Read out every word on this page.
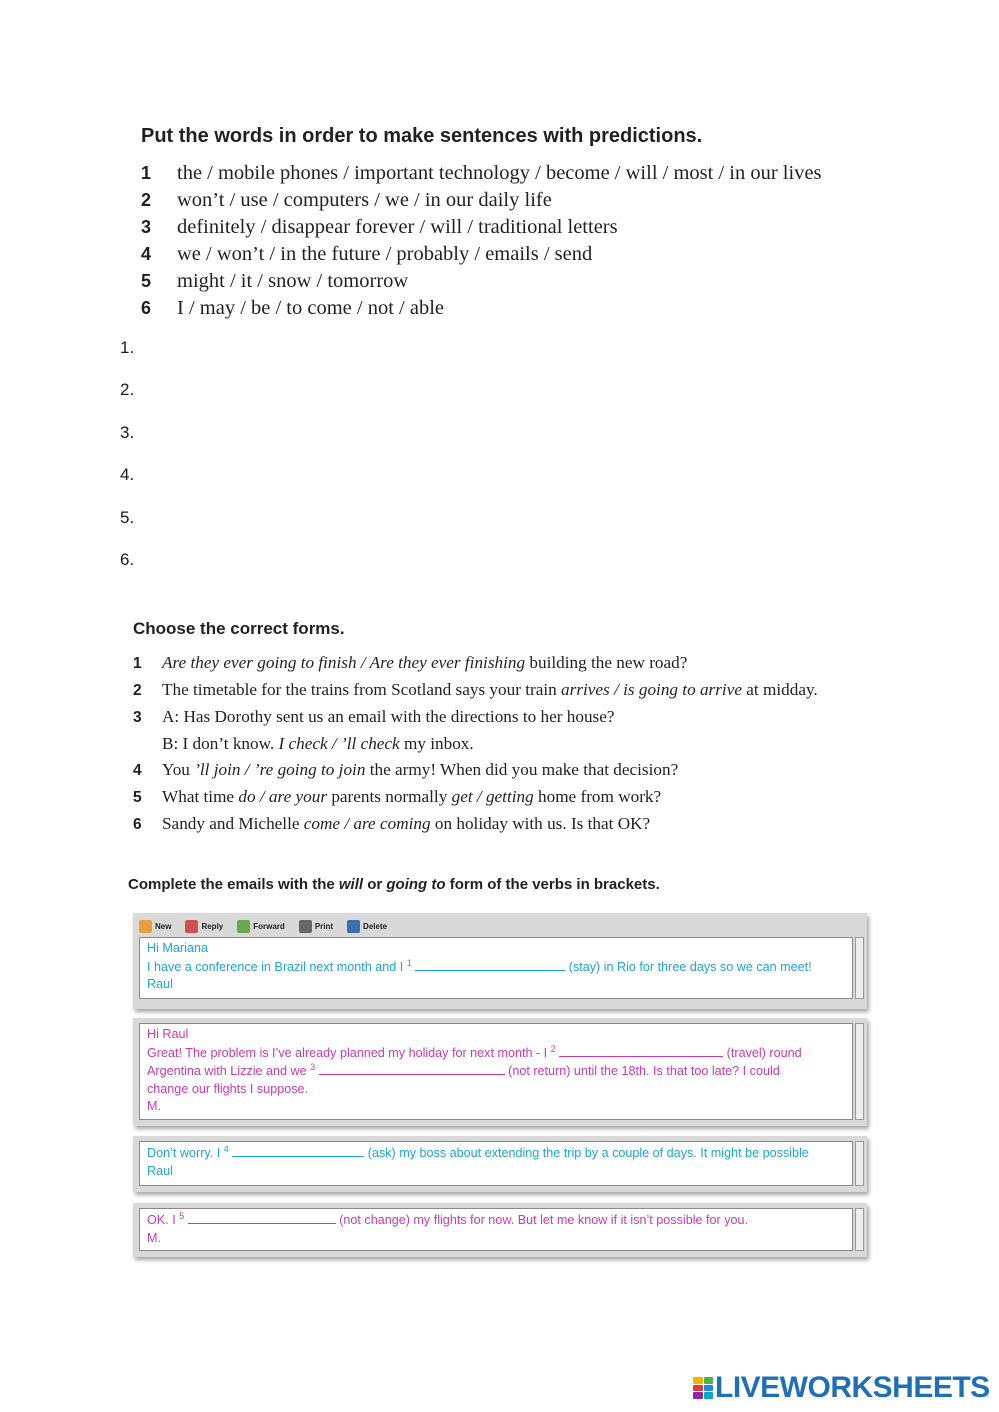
Put the words in order to make sentences with predictions.
1 the / mobile phones / important technology / become / will / most / in our lives
2 won’t / use / computers / we / in our daily life
3 definitely / disappear forever / will / traditional letters
4 we / won’t / in the future / probably / emails / send
5 might / it / snow / tomorrow
6 I / may / be / to come / not / able
1.
2.
3.
4.
5.
6.
Choose the correct forms.
1 Are they ever going to finish / Are they ever finishing building the new road?
2 The timetable for the trains from Scotland says your train arrives / is going to arrive at midday.
3 A: Has Dorothy sent us an email with the directions to her house?
B: I don’t know. I check / ’ll check my inbox.
4 You ’ll join / ’re going to join the army! When did you make that decision?
5 What time do / are your parents normally get / getting home from work?
6 Sandy and Michelle come / are coming on holiday with us. Is that OK?
Complete the emails with the will or going to form of the verbs in brackets.
New	Reply	Forward	Print	Delete
Hi Mariana
I have a conference in Brazil next month and I $^1$	(stay) in Rio for three days so we can meet!
Raul
Hi Raul
Great! The problem is I’ve already planned my holiday for next month - I $^2$	(travel) round
Argentina with Lizzie and we $^3$	(not return) until the 18th. Is that too late? I could
change our flights I suppose.
M.
Don’t worry. I $^4$	(ask) my boss about extending the trip by a couple of days. It might be possible
Raul
OK. I $^5$	(not change) my flights for now. But let me know if it isn’t possible for you.
M.
LIVEWORKSHEETS
